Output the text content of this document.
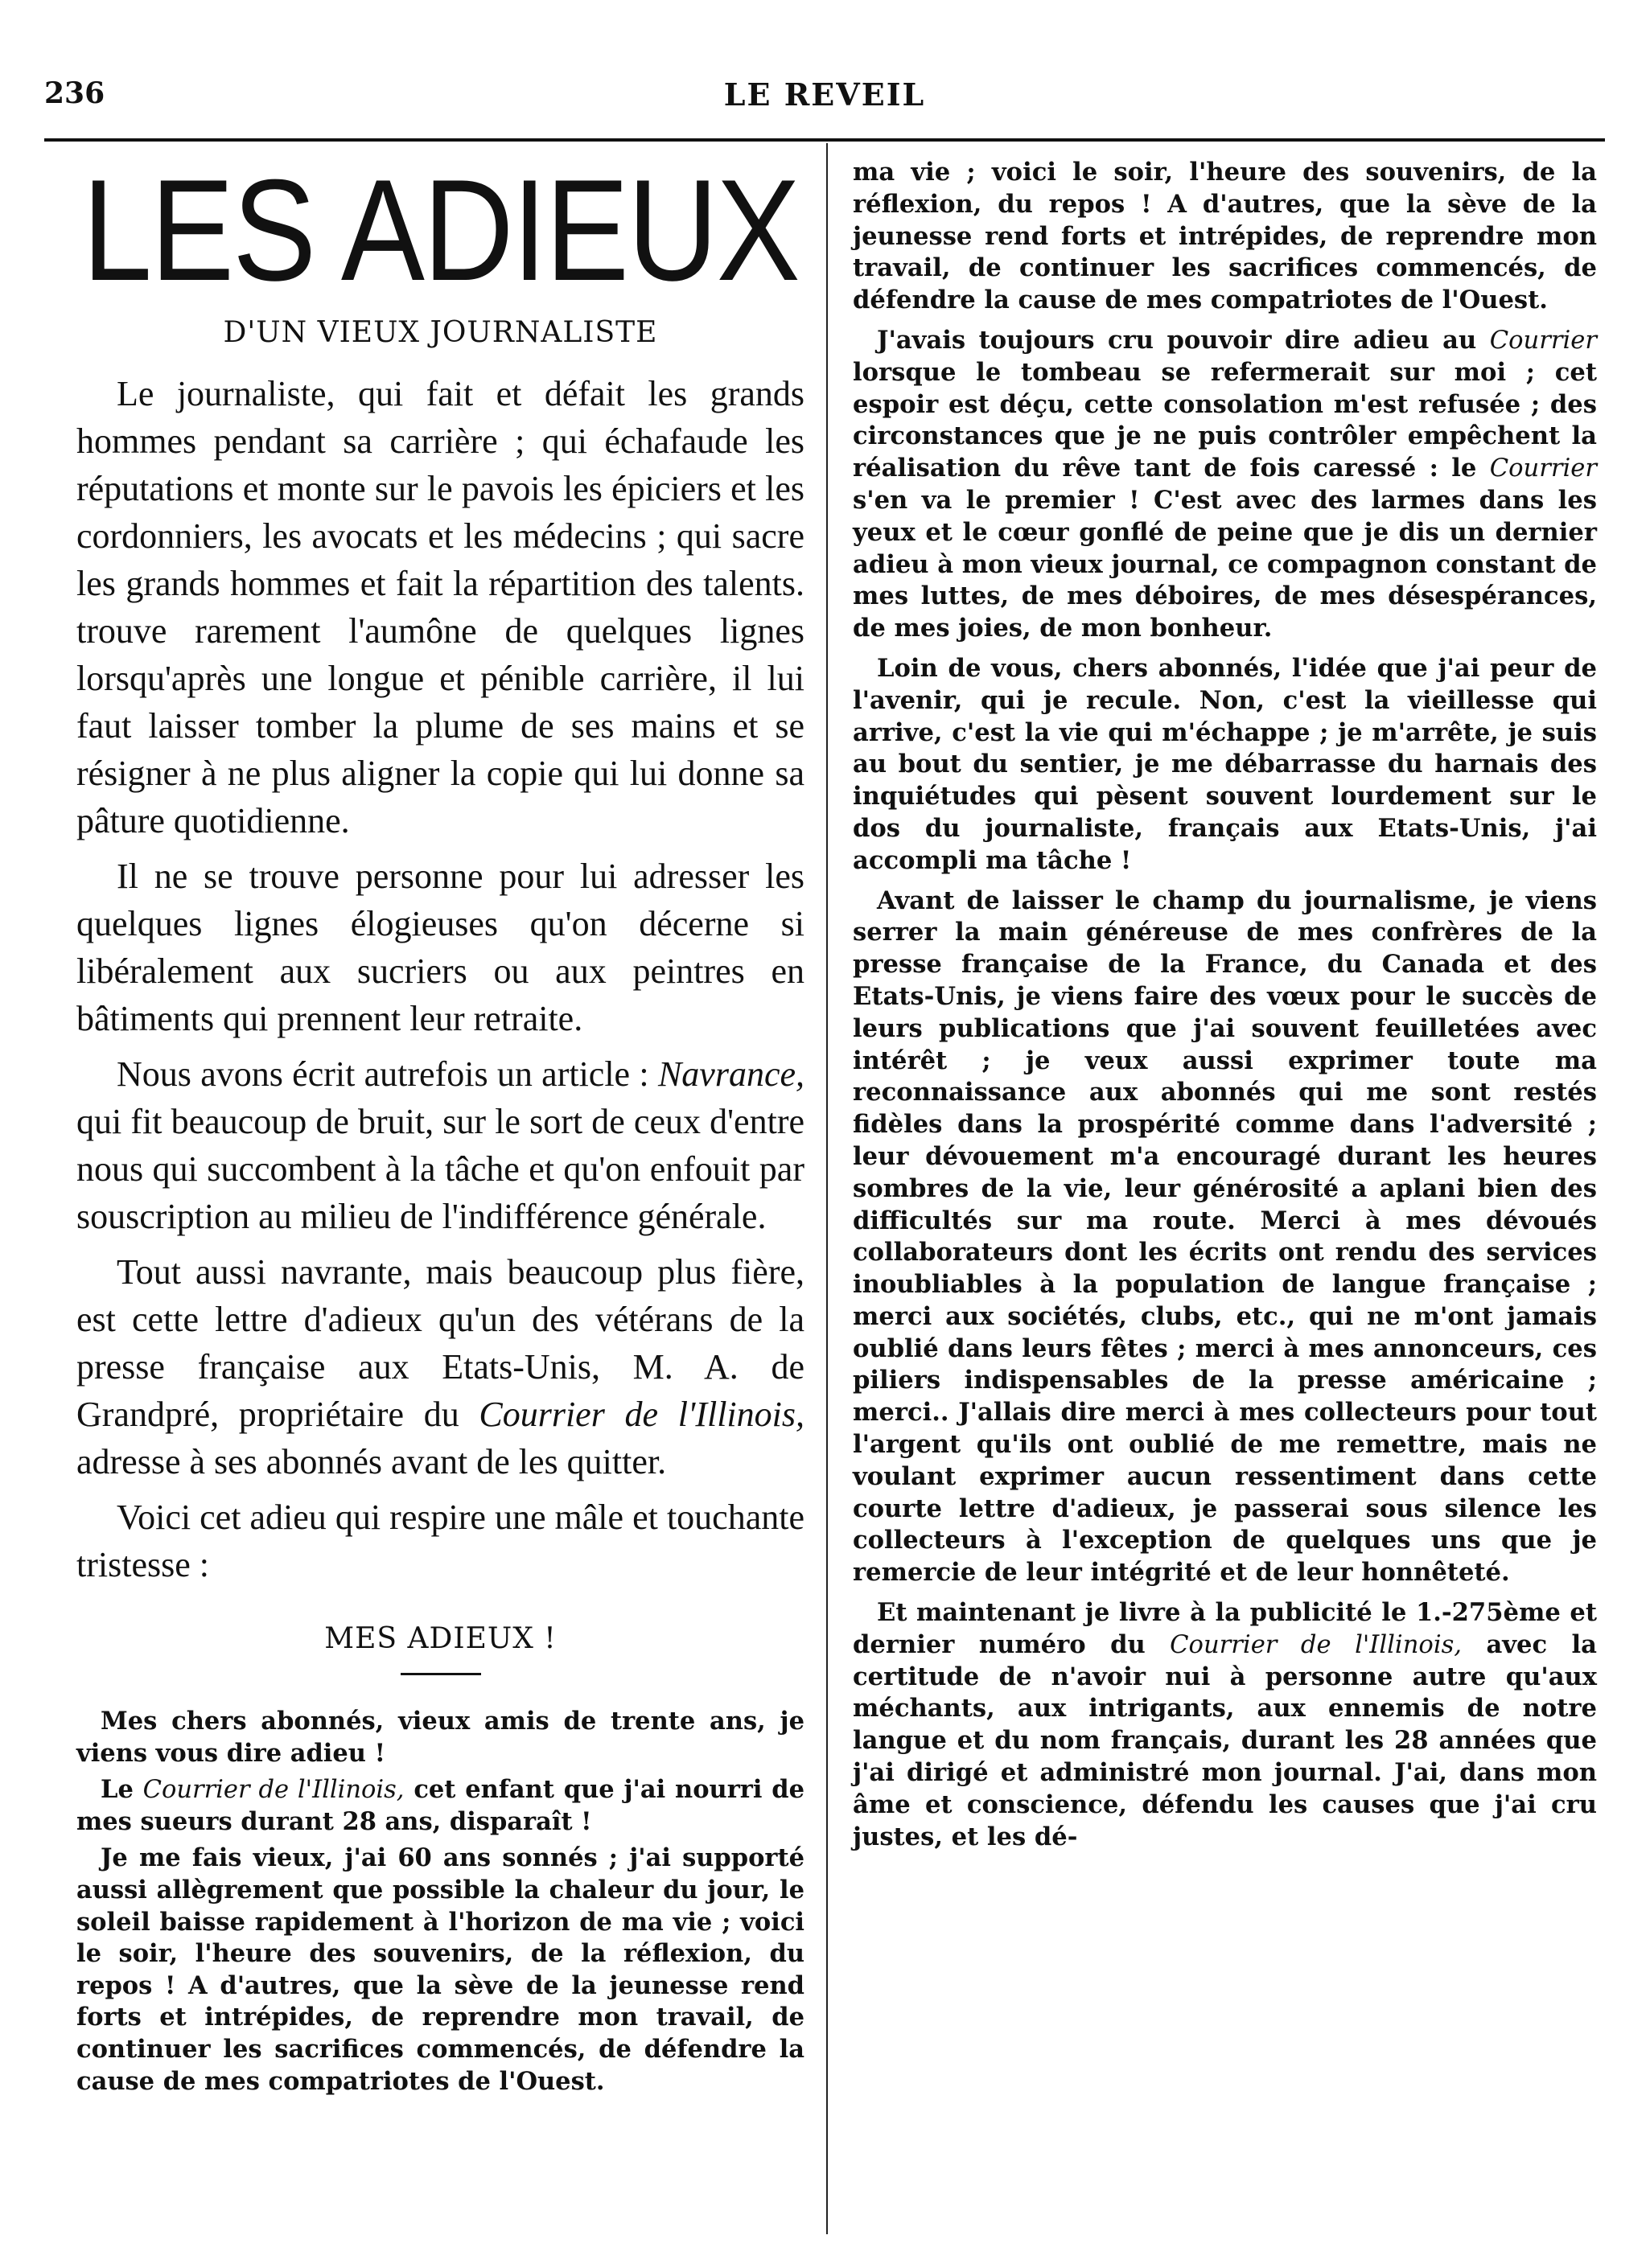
236	LE REVEIL
LES ADIEUX
D'UN VIEUX JOURNALISTE

Le journaliste, qui fait et défait les grands hommes pendant sa carrière ; qui échafaude les réputations et monte sur le pavois les épiciers et les cordonniers, les avocats et les médecins ; qui sacre les grands hommes et fait la répartition des talents. trouve rarement l'aumône de quelques lignes lorsqu'après une longue et pénible carrière, il lui faut laisser tomber la plume de ses mains et se résigner à ne plus aligner la copie qui lui donne sa pâture quotidienne.

Il ne se trouve personne pour lui adresser les quelques lignes élogieuses qu'on décerne si libéralement aux sucriers ou aux peintres en bâtiments qui prennent leur retraite.

Nous avons écrit autrefois un article : Navrance, qui fit beaucoup de bruit, sur le sort de ceux d'entre nous qui succombent à la tâche et qu'on enfouit par souscription au milieu de l'indifférence générale.

Tout aussi navrante, mais beaucoup plus fière, est cette lettre d'adieux qu'un des vétérans de la presse française aux Etats-Unis, M. A. de Grandpré, propriétaire du Courrier de l'Illinois, adresse à ses abonnés avant de les quitter.

Voici cet adieu qui respire une mâle et touchante tristesse :

MES ADIEUX !

Mes chers abonnés, vieux amis de trente ans, je viens vous dire adieu !

Le Courrier de l'Illinois, cet enfant que j'ai nourri de mes sueurs durant 28 ans, disparaît !

Je me fais vieux, j'ai 60 ans sonnés ; j'ai supporté aussi allègrement que possible la chaleur du jour, le soleil baisse rapidement à l'horizon de ma vie ; voici le soir, l'heure des souvenirs, de la réflexion, du repos ! A d'autres, que la sève de la jeunesse rend forts et intrépides, de reprendre mon travail, de continuer les sacrifices commencés, de défendre la cause de mes compatriotes de l'Ouest.

ma vie ; voici le soir, l'heure des souvenirs, de la réflexion, du repos ! A d'autres, que la sève de la jeunesse rend forts et intrépides, de reprendre mon travail, de continuer les sacrifices commencés, de défendre la cause de mes compatriotes de l'Ouest.

J'avais toujours cru pouvoir dire adieu au Courrier lorsque le tombeau se refermerait sur moi ; cet espoir est déçu, cette consolation m'est refusée ; des circonstances que je ne puis contrôler empêchent la réalisation du rêve tant de fois caressé : le Courrier s'en va le premier ! C'est avec des larmes dans les yeux et le cœur gonflé de peine que je dis un dernier adieu à mon vieux journal, ce compagnon constant de mes luttes, de mes déboires, de mes désespérances, de mes joies, de mon bonheur.

Loin de vous, chers abonnés, l'idée que j'ai peur de l'avenir, qui je recule. Non, c'est la vieillesse qui arrive, c'est la vie qui m'échappe ; je m'arrête, je suis au bout du sentier, je me débarrasse du harnais des inquiétudes qui pèsent souvent lourdement sur le dos du journaliste, français aux Etats-Unis, j'ai accompli ma tâche !

Avant de laisser le champ du journalisme, je viens serrer la main généreuse de mes confrères de la presse française de la France, du Canada et des Etats-Unis, je viens faire des vœux pour le succès de leurs publications que j'ai souvent feuilletées avec intérêt ; je veux aussi exprimer toute ma reconnaissance aux abonnés qui me sont restés fidèles dans la prospérité comme dans l'adversité ; leur dévouement m'a encouragé durant les heures sombres de la vie, leur générosité a aplani bien des difficultés sur ma route. Merci à mes dévoués collaborateurs dont les écrits ont rendu des services inoubliables à la population de langue française ; merci aux sociétés, clubs, etc., qui ne m'ont jamais oublié dans leurs fêtes ; merci à mes annonceurs, ces piliers indispensables de la presse américaine ; merci.. J'allais dire merci à mes collecteurs pour tout l'argent qu'ils ont oublié de me remettre, mais ne voulant exprimer aucun ressentiment dans cette courte lettre d'adieux, je passerai sous silence les collecteurs à l'exception de quelques uns que je remercie de leur intégrité et de leur honnêteté.

Et maintenant je livre à la publicité le 1.-275ème et dernier numéro du Courrier de l'Illinois, avec la certitude de n'avoir nui à personne autre qu'aux méchants, aux intrigants, aux ennemis de notre langue et du nom français, durant les 28 années que j'ai dirigé et administré mon journal. J'ai, dans mon âme et conscience, défendu les causes que j'ai cru justes, et les dé-
